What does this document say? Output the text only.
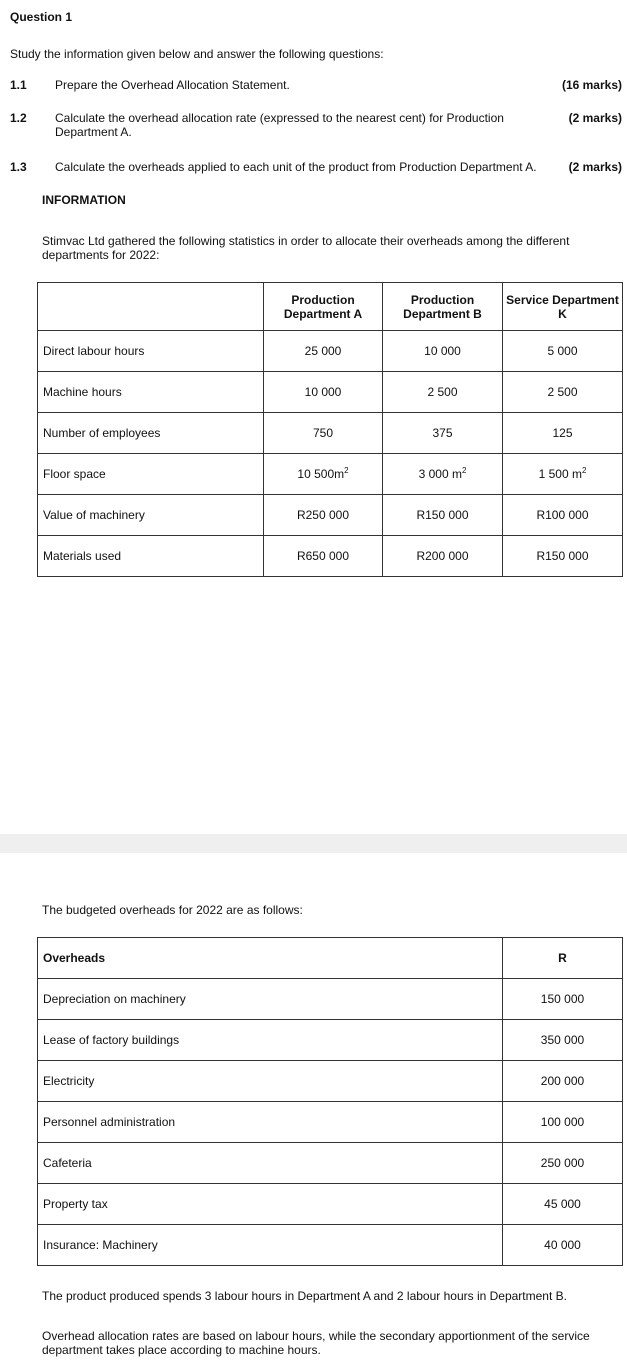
Question 1
Study the information given below and answer the following questions:
1.1 Prepare the Overhead Allocation Statement.	(16 marks)
1.2 Calculate the overhead allocation rate (expressed to the nearest cent) for Production Department A.
(2 marks)
1.3 Calculate the overheads applied to each unit of the product from Production Department A.	(2 marks)
INFORMATION
Stimvac Ltd gathered the following statistics in order to allocate their overheads among the different departments for 2022:
	Production Department A	Production Department B	Service Department K
Direct labour hours	25 000	10 000	5 000
Machine hours	10 000	2 500	2 500
Number of employees	750	375	125
Floor space	10 $500m^2$	3 000 $m^2$	1 500 $m^2$
Value of machinery	R250 000	R150 000	R100 000
Materials used	R650 000	R200 000	R150 000
The budgeted overheads for 2022 are as follows:
Overheads	R
Depreciation on machinery	150 000
Lease of factory buildings	350 000
Electricity	200 000
Personnel administration	100 000
Cafeteria	250 000
Property tax	45 000
Insurance: Machinery	40 000
The product produced spends 3 labour hours in Department A and 2 labour hours in Department B.
Overhead allocation rates are based on labour hours, while the secondary apportionment of the service department takes place according to machine hours.
